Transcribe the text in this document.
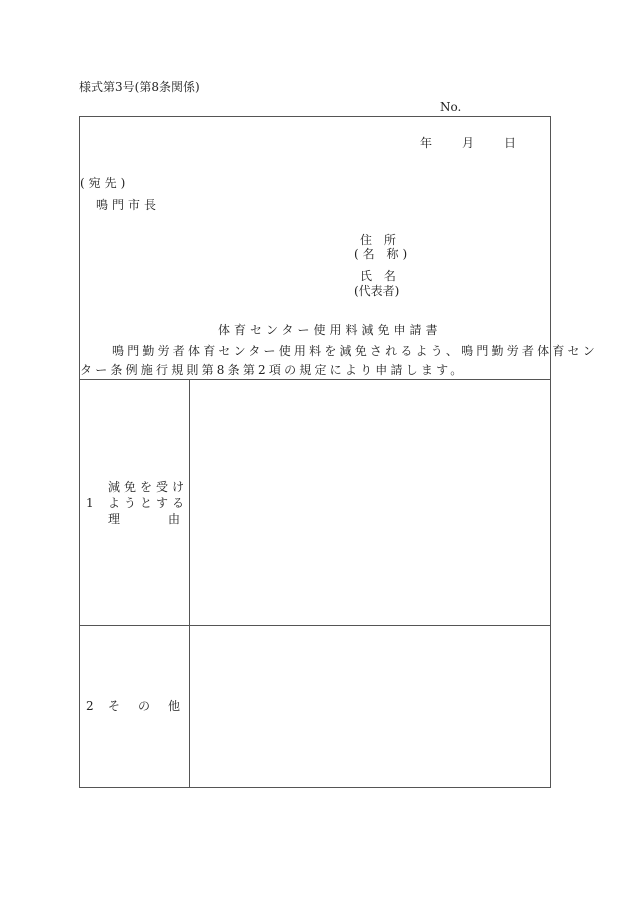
様式第3号(第8条関係)
No.
年 月 日
(宛先)
鳴門市長
住 所
(名 称)
氏 名
(代表者)
体育センター使用料減免申請書
鳴門勤労者体育センター使用料を減免されるよう、鳴門勤労者体育セン
ター条例施行規則第8条第2項の規定により申請します。
1
減免を受け
ようとする
理　　　由
2 そ　の　他
